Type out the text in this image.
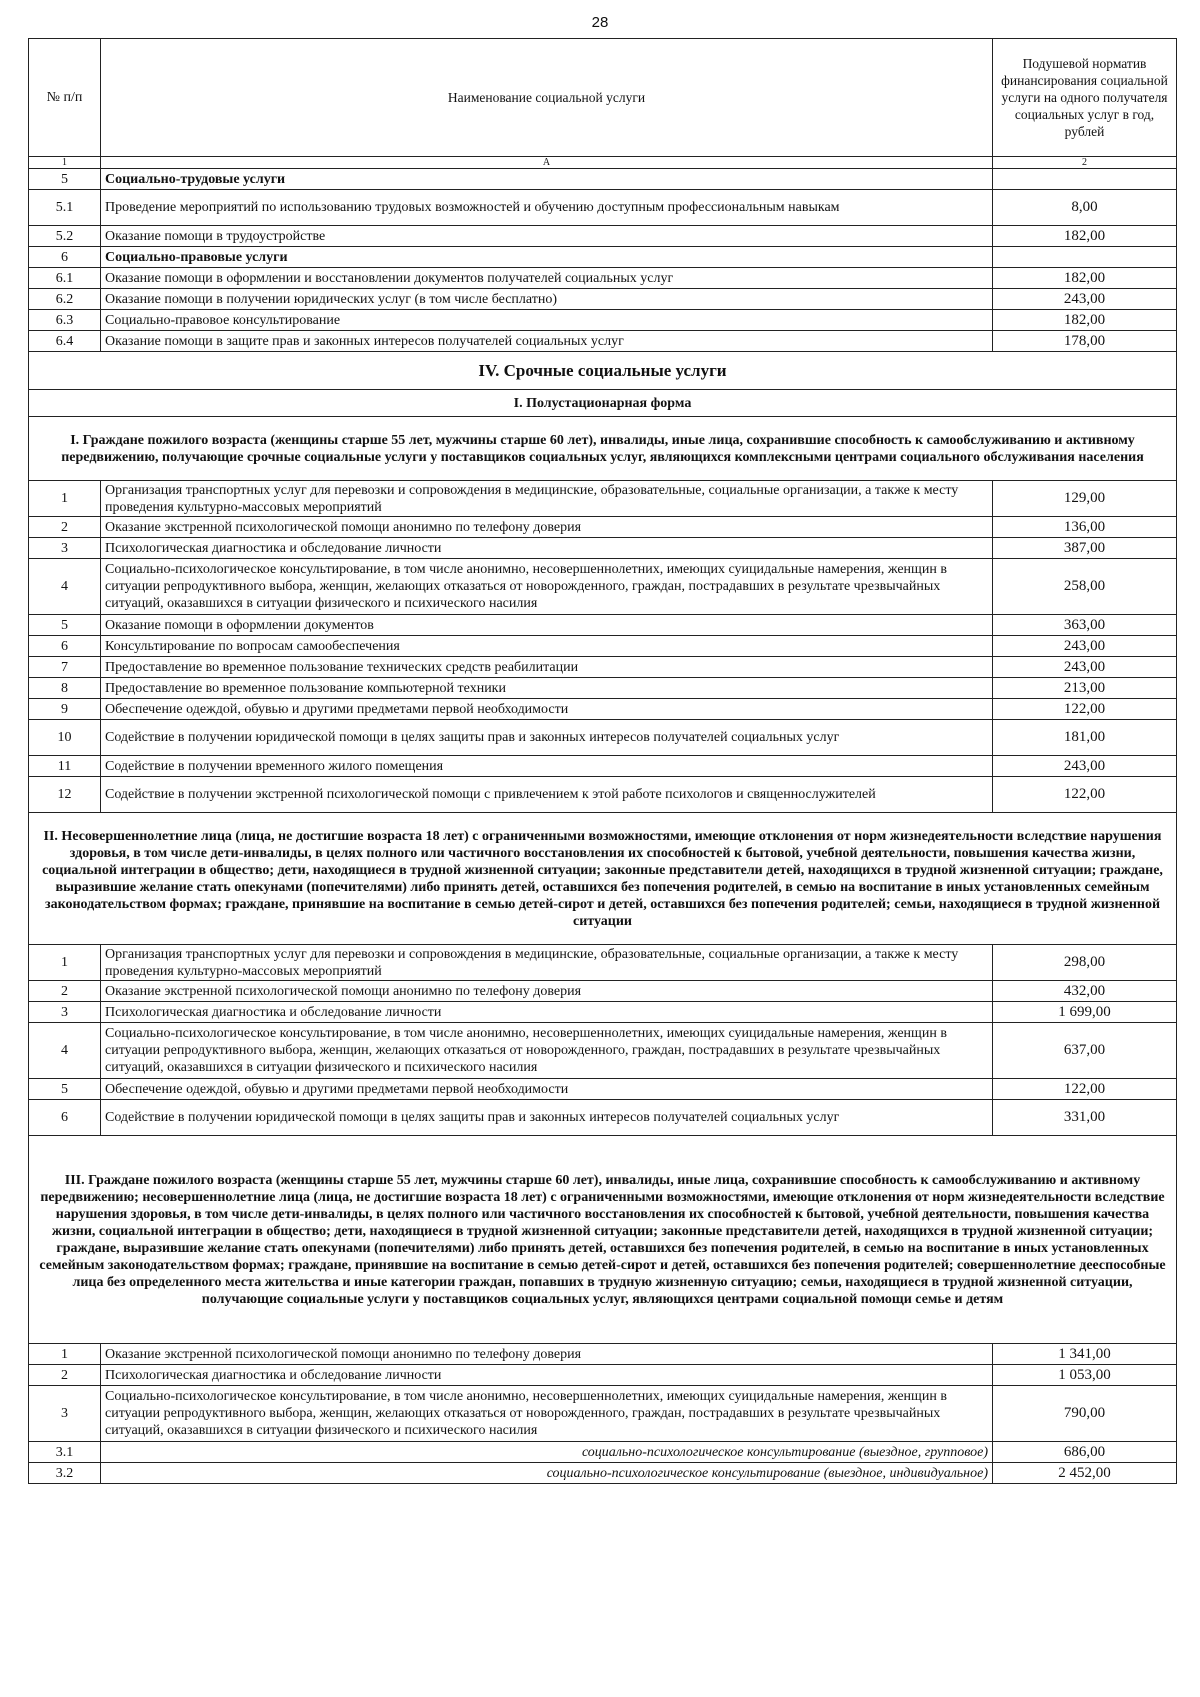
28
№ п/п	Наименование социальной услуги	Подушевой норматив финансирования социальной услуги на одного получателя социальных услуг в год, рублей
1	А	2
5	Социально-трудовые услуги	
5.1	Проведение мероприятий по использованию трудовых возможностей и обучению доступным профессиональным навыкам	8,00
5.2	Оказание помощи в трудоустройстве	182,00
6	Социально-правовые услуги	
6.1	Оказание помощи в оформлении и восстановлении документов получателей социальных услуг	182,00
6.2	Оказание помощи в получении юридических услуг (в том числе бесплатно)	243,00
6.3	Социально-правовое консультирование	182,00
6.4	Оказание помощи в защите прав и законных интересов получателей социальных услуг	178,00
IV. Срочные социальные услуги		
I. Полустационарная форма		
I. Граждане пожилого возраста (женщины старше 55 лет, мужчины старше 60 лет), инвалиды, иные лица, сохранившие способность к самообслуживанию и активному передвижению, получающие срочные социальные услуги у поставщиков социальных услуг, являющихся комплексными центрами социального обслуживания населения		
1	Организация транспортных услуг для перевозки и сопровождения в медицинские, образовательные, социальные организации, а также к месту проведения культурно-массовых мероприятий	129,00
2	Оказание экстренной психологической помощи анонимно по телефону доверия	136,00
3	Психологическая диагностика и обследование личности	387,00
4	Социально-психологическое консультирование, в том числе анонимно, несовершеннолетних, имеющих суицидальные намерения, женщин в ситуации репродуктивного выбора, женщин, желающих отказаться от новорожденного, граждан, пострадавших в результате чрезвычайных ситуаций, оказавшихся в ситуации физического и психического насилия	258,00
5	Оказание помощи в оформлении документов	363,00
6	Консультирование по вопросам самообеспечения	243,00
7	Предоставление во временное пользование технических средств реабилитации	243,00
8	Предоставление во временное пользование компьютерной техники	213,00
9	Обеспечение одеждой, обувью и другими предметами первой необходимости	122,00
10	Содействие в получении юридической помощи в целях защиты прав и законных интересов получателей социальных услуг	181,00
11	Содействие в получении временного жилого помещения	243,00
12	Содействие в получении экстренной психологической помощи с привлечением к этой работе психологов и священнослужителей	122,00
II. Несовершеннолетние лица (лица, не достигшие возраста 18 лет) с ограниченными возможностями, имеющие отклонения от норм жизнедеятельности вследствие нарушения здоровья, в том числе дети-инвалиды, в целях полного или частичного восстановления их способностей к бытовой, учебной деятельности, повышения качества жизни, социальной интеграции в общество; дети, находящиеся в трудной жизненной ситуации; законные представители детей, находящихся в трудной жизненной ситуации; граждане, выразившие желание стать опекунами (попечителями) либо принять детей, оставшихся без попечения родителей, в семью на воспитание в иных установленных семейным законодательством формах; граждане, принявшие на воспитание в семью детей-сирот и детей, оставшихся без попечения родителей; семьи, находящиеся в трудной жизненной ситуации		
1	Организация транспортных услуг для перевозки и сопровождения в медицинские, образовательные, социальные организации, а также к месту проведения культурно-массовых мероприятий	298,00
2	Оказание экстренной психологической помощи анонимно по телефону доверия	432,00
3	Психологическая диагностика и обследование личности	1 699,00
4	Социально-психологическое консультирование, в том числе анонимно, несовершеннолетних, имеющих суицидальные намерения, женщин в ситуации репродуктивного выбора, женщин, желающих отказаться от новорожденного, граждан, пострадавших в результате чрезвычайных ситуаций, оказавшихся в ситуации физического и психического насилия	637,00
5	Обеспечение одеждой, обувью и другими предметами первой необходимости	122,00
6	Содействие в получении юридической помощи в целях защиты прав и законных интересов получателей социальных услуг	331,00
III. Граждане пожилого возраста (женщины старше 55 лет, мужчины старше 60 лет), инвалиды, иные лица, сохранившие способность к самообслуживанию и активному передвижению; несовершеннолетние лица (лица, не достигшие возраста 18 лет) с ограниченными возможностями, имеющие отклонения от норм жизнедеятельности вследствие нарушения здоровья, в том числе дети-инвалиды, в целях полного или частичного восстановления их способностей к бытовой, учебной деятельности, повышения качества жизни, социальной интеграции в общество; дети, находящиеся в трудной жизненной ситуации; законные представители детей, находящихся в трудной жизненной ситуации; граждане, выразившие желание стать опекунами (попечителями) либо принять детей, оставшихся без попечения родителей, в семью на воспитание в иных установленных семейным законодательством формах; граждане, принявшие на воспитание в семью детей-сирот и детей, оставшихся без попечения родителей; совершеннолетние дееспособные лица без определенного места жительства и иные категории граждан, попавших в трудную жизненную ситуацию; семьи, находящиеся в трудной жизненной ситуации, получающие социальные услуги у поставщиков социальных услуг, являющихся центрами социальной помощи семье и детям		
1	Оказание экстренной психологической помощи анонимно по телефону доверия	1 341,00
2	Психологическая диагностика и обследование личности	1 053,00
3	Социально-психологическое консультирование, в том числе анонимно, несовершеннолетних, имеющих суицидальные намерения, женщин в ситуации репродуктивного выбора, женщин, желающих отказаться от новорожденного, граждан, пострадавших в результате чрезвычайных ситуаций, оказавшихся в ситуации физического и психического насилия	790,00
3.1	социально-психологическое консультирование (выездное, групповое)	686,00
3.2	социально-психологическое консультирование (выездное, индивидуальное)	2 452,00
